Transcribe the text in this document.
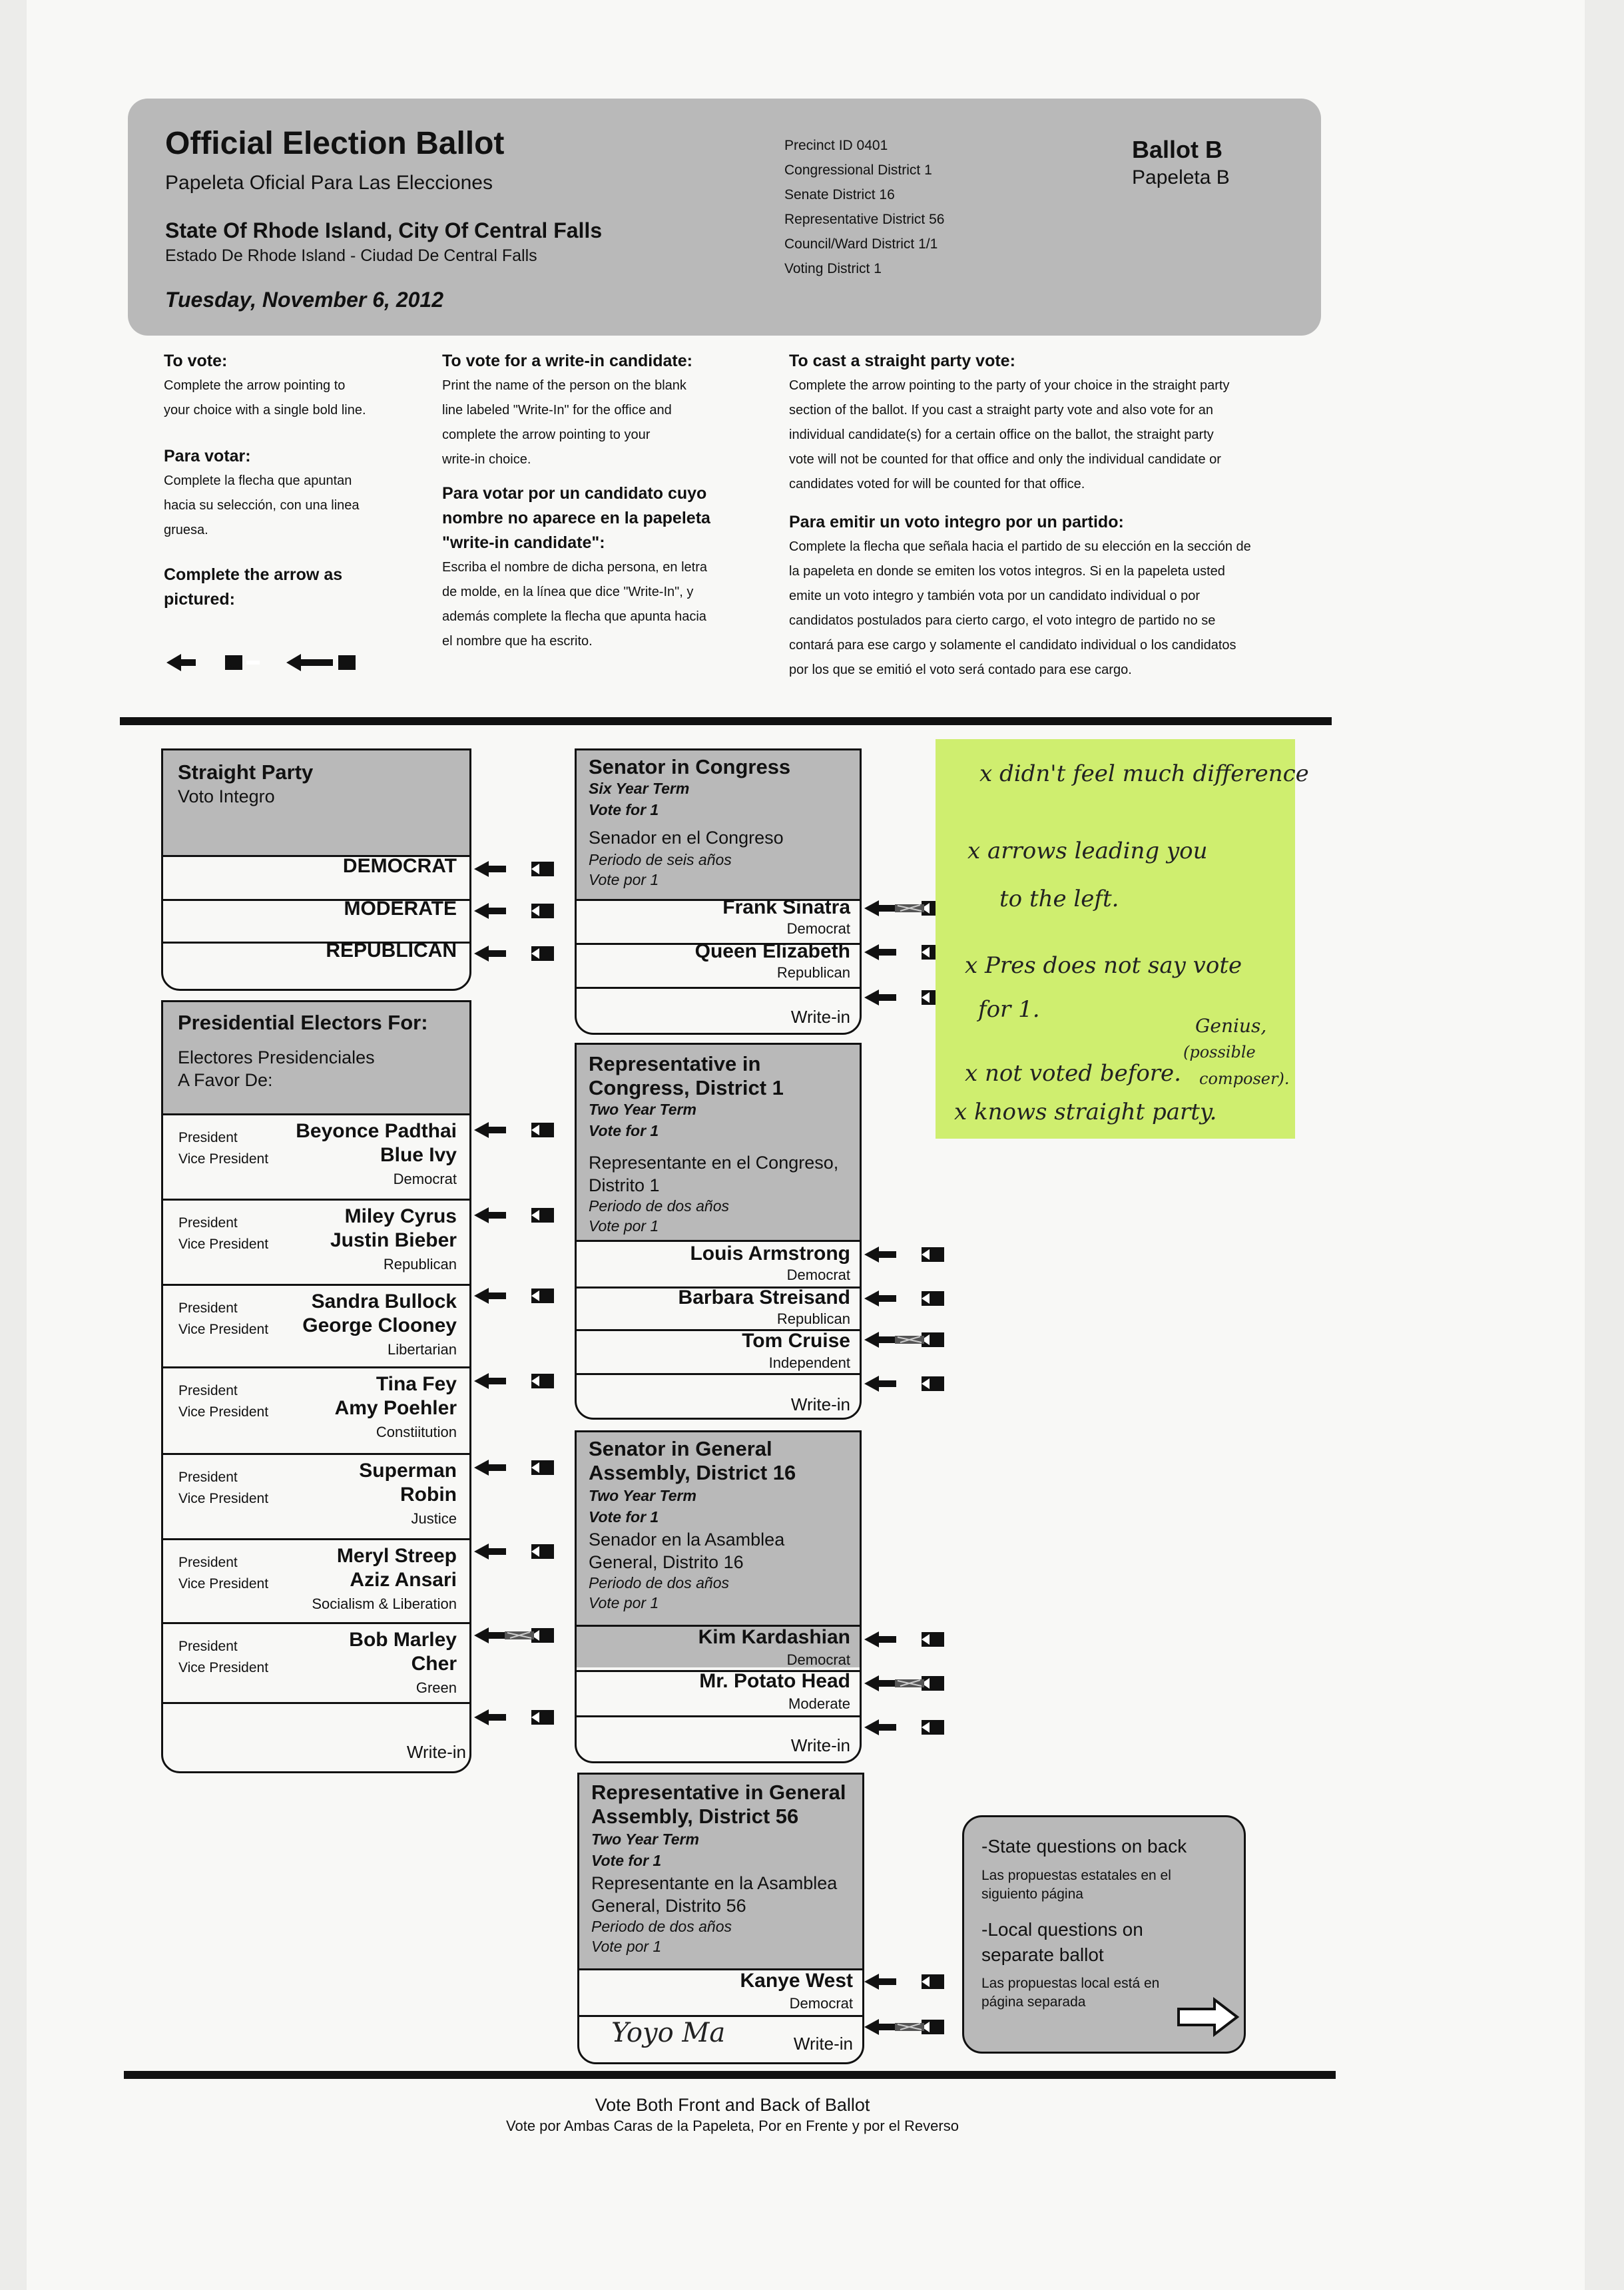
Official Election Ballot
Papeleta Oficial Para Las Elecciones
State Of Rhode Island, City Of Central Falls
Estado De Rhode Island - Ciudad De Central Falls
Tuesday, November 6, 2012
Precinct ID 0401
Congressional District 1
Senate District 16
Representative District 56
Council/Ward District 1/1
Voting District 1
Ballot B
Papeleta B
To vote:
Complete the arrow pointing to
your choice with a single bold line.
Para votar:
Complete la flecha que apuntan
hacia su selección, con una linea
gruesa.
Complete the arrow as
pictured:
To vote for a write-in candidate:
Print the name of the person on the blank
line labeled "Write-In" for the office and
complete the arrow pointing to your
write-in choice.
Para votar por un candidato cuyo
nombre no aparece en la papeleta
"write-in candidate":
Escriba el nombre de dicha persona, en letra
de molde, en la línea que dice "Write-In", y
además complete la flecha que apunta hacia
el nombre que ha escrito.
To cast a straight party vote:
Complete the arrow pointing to the party of your choice in the straight party
section of the ballot. If you cast a straight party vote and also vote for an
individual candidate(s) for a certain office on the ballot, the straight party
vote will not be counted for that office and only the individual candidate or
candidates voted for will be counted for that office.
Para emitir un voto integro por un partido:
Complete la flecha que señala hacia el partido de su elección en la sección de
la papeleta en donde se emiten los votos integros. Si en la papeleta usted
emite un voto integro y también vota por un candidato individual o por
candidatos postulados para cierto cargo, el voto integro de partido no se
contará para ese cargo y solamente el candidato individual o los candidatos
por los que se emitió el voto será contado para ese cargo.
Straight Party
Voto Integro
DEMOCRAT
MODERATE
REPUBLICAN
Presidential Electors For:
Electores Presidenciales
A Favor De:
President
Vice President
Beyonce Padthai
Blue Ivy
Democrat
President
Vice President
Miley Cyrus
Justin Bieber
Republican
President
Vice President
Sandra Bullock
George Clooney
Libertarian
President
Vice President
Tina Fey
Amy Poehler
Constiitution
President
Vice President
Superman
Robin
Justice
President
Vice President
Meryl Streep
Aziz Ansari
Socialism & Liberation
President
Vice President
Bob Marley
Cher
Green
Write-in
Senator in Congress
Six Year Term
Vote for 1
Senador en el Congreso
Periodo de seis años
Vote por 1
Frank Sinatra
Democrat
Queen Elizabeth
Republican
Write-in
Representative in
Congress, District 1
Two Year Term
Vote for 1
Representante en el Congreso,
Distrito 1
Periodo de dos años
Vote por 1
Louis Armstrong
Democrat
Barbara Streisand
Republican
Tom Cruise
Independent
Write-in
Senator in General
Assembly, District 16
Two Year Term
Vote for 1
Senador en la Asamblea
General, Distrito 16
Periodo de dos años
Vote por 1
Kim Kardashian
Democrat
Mr. Potato Head
Moderate
Write-in
Representative in General
Assembly, District 56
Two Year Term
Vote for 1
Representante en la Asamblea
General, Distrito 56
Periodo de dos años
Vote por 1
Kanye West
Democrat
Yoyo Ma	Write-in
x didn't feel much difference
x arrows leading you
to the left.
x Pres does not say vote
for 1.
Genius,
(possible
composer).
x not voted before.
x knows straight party.
-State questions on back
Las propuestas estatales en el
siguiento página
-Local questions on
separate ballot
Las propuestas local está en
página separada
Vote Both Front and Back of Ballot
Vote por Ambas Caras de la Papeleta, Por en Frente y por el Reverso
